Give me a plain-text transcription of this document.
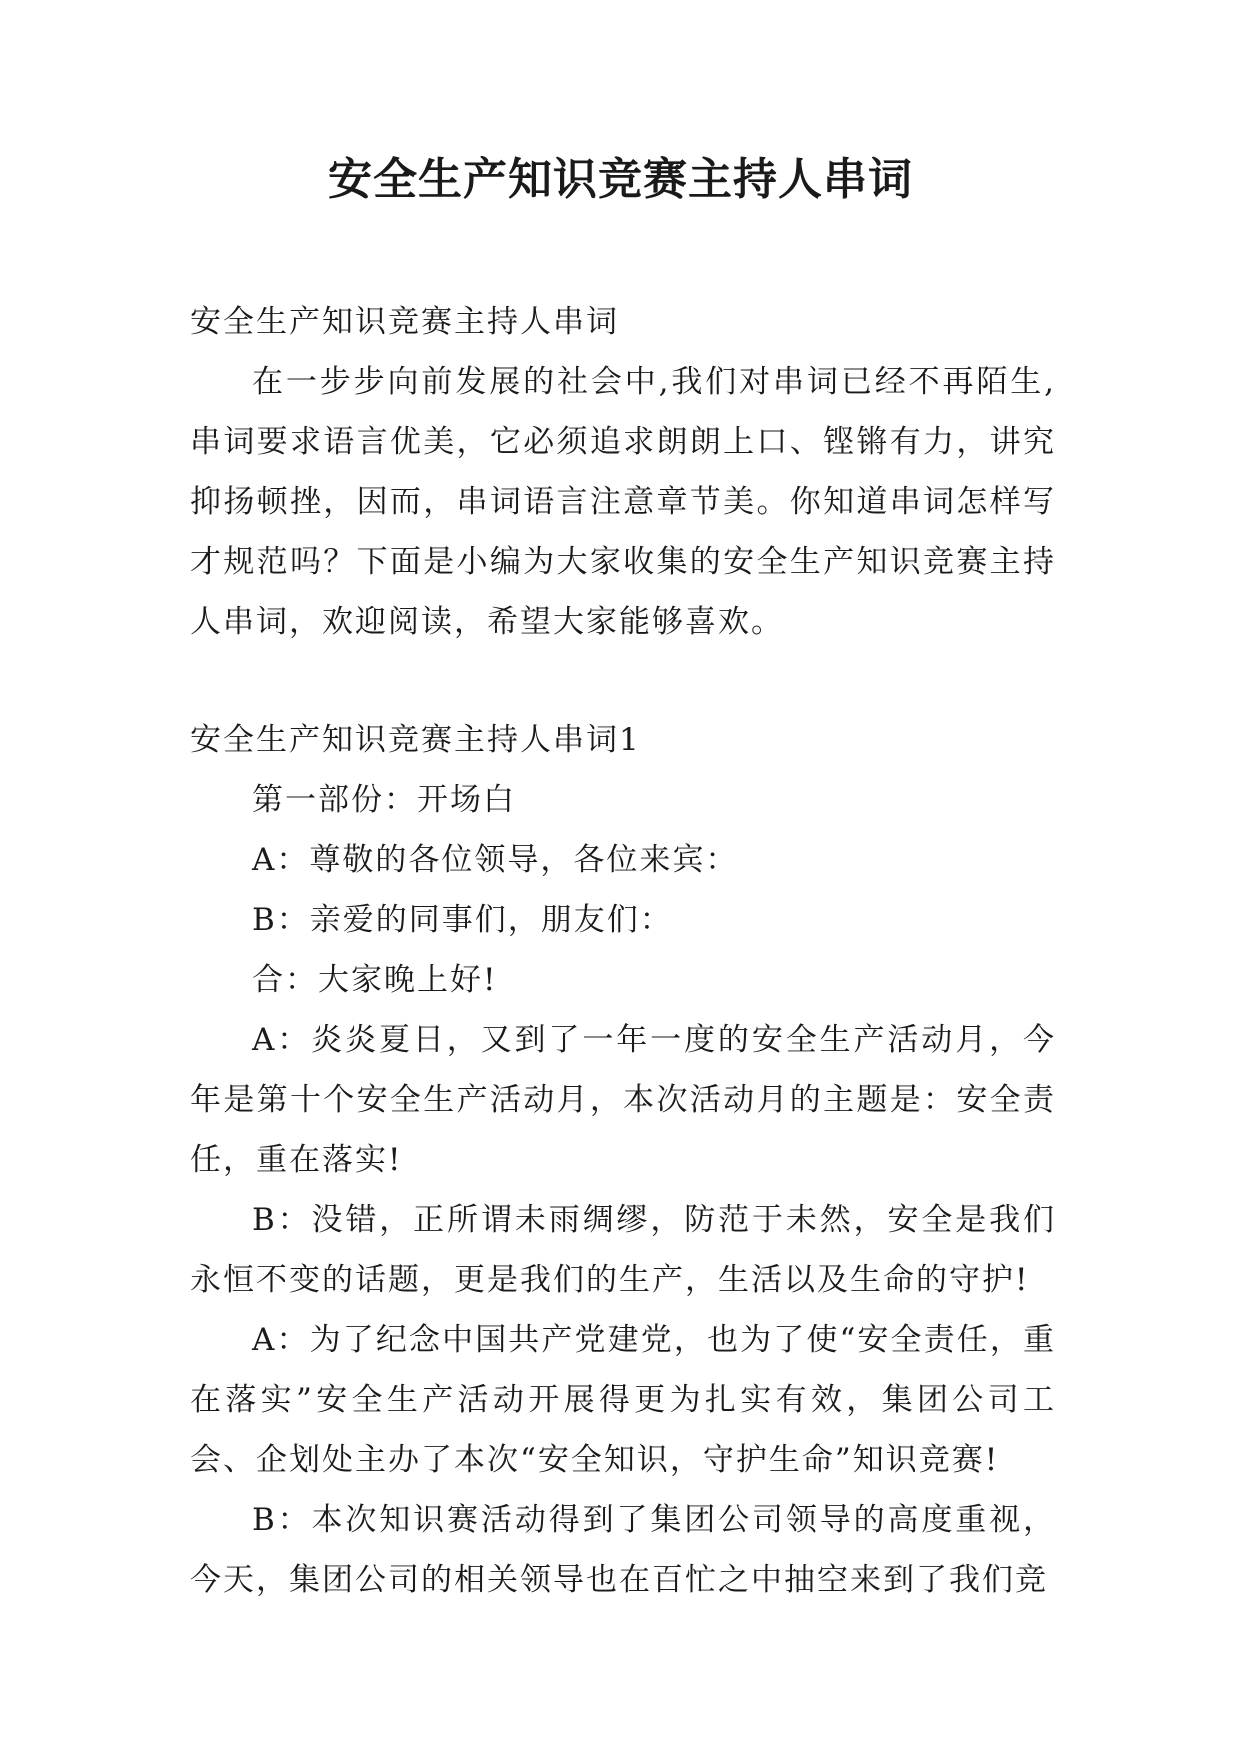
安全生产知识竞赛主持人串词

安全生产知识竞赛主持人串词

在一步步向前发展的社会中,我们对串词已经不再陌生,串词要求语言优美，它必须追求朗朗上口、铿锵有力，讲究抑扬顿挫，因而，串词语言注意章节美。你知道串词怎样写才规范吗？下面是小编为大家收集的安全生产知识竞赛主持人串词，欢迎阅读，希望大家能够喜欢。

安全生产知识竞赛主持人串词1

第一部份：开场白

A：尊敬的各位领导，各位来宾：

B：亲爱的同事们，朋友们：

合：大家晚上好!

A：炎炎夏日，又到了一年一度的安全生产活动月，今年是第十个安全生产活动月，本次活动月的主题是：安全责任，重在落实!

B：没错，正所谓未雨绸缪，防范于未然，安全是我们永恒不变的话题，更是我们的生产，生活以及生命的守护!

A：为了纪念中国共产党建党，也为了使“安全责任，重在落实”安全生产活动开展得更为扎实有效，集团公司工会、企划处主办了本次“安全知识，守护生命”知识竞赛!

B：本次知识赛活动得到了集团公司领导的高度重视，今天，集团公司的相关领导也在百忙之中抽空来到了我们竞
